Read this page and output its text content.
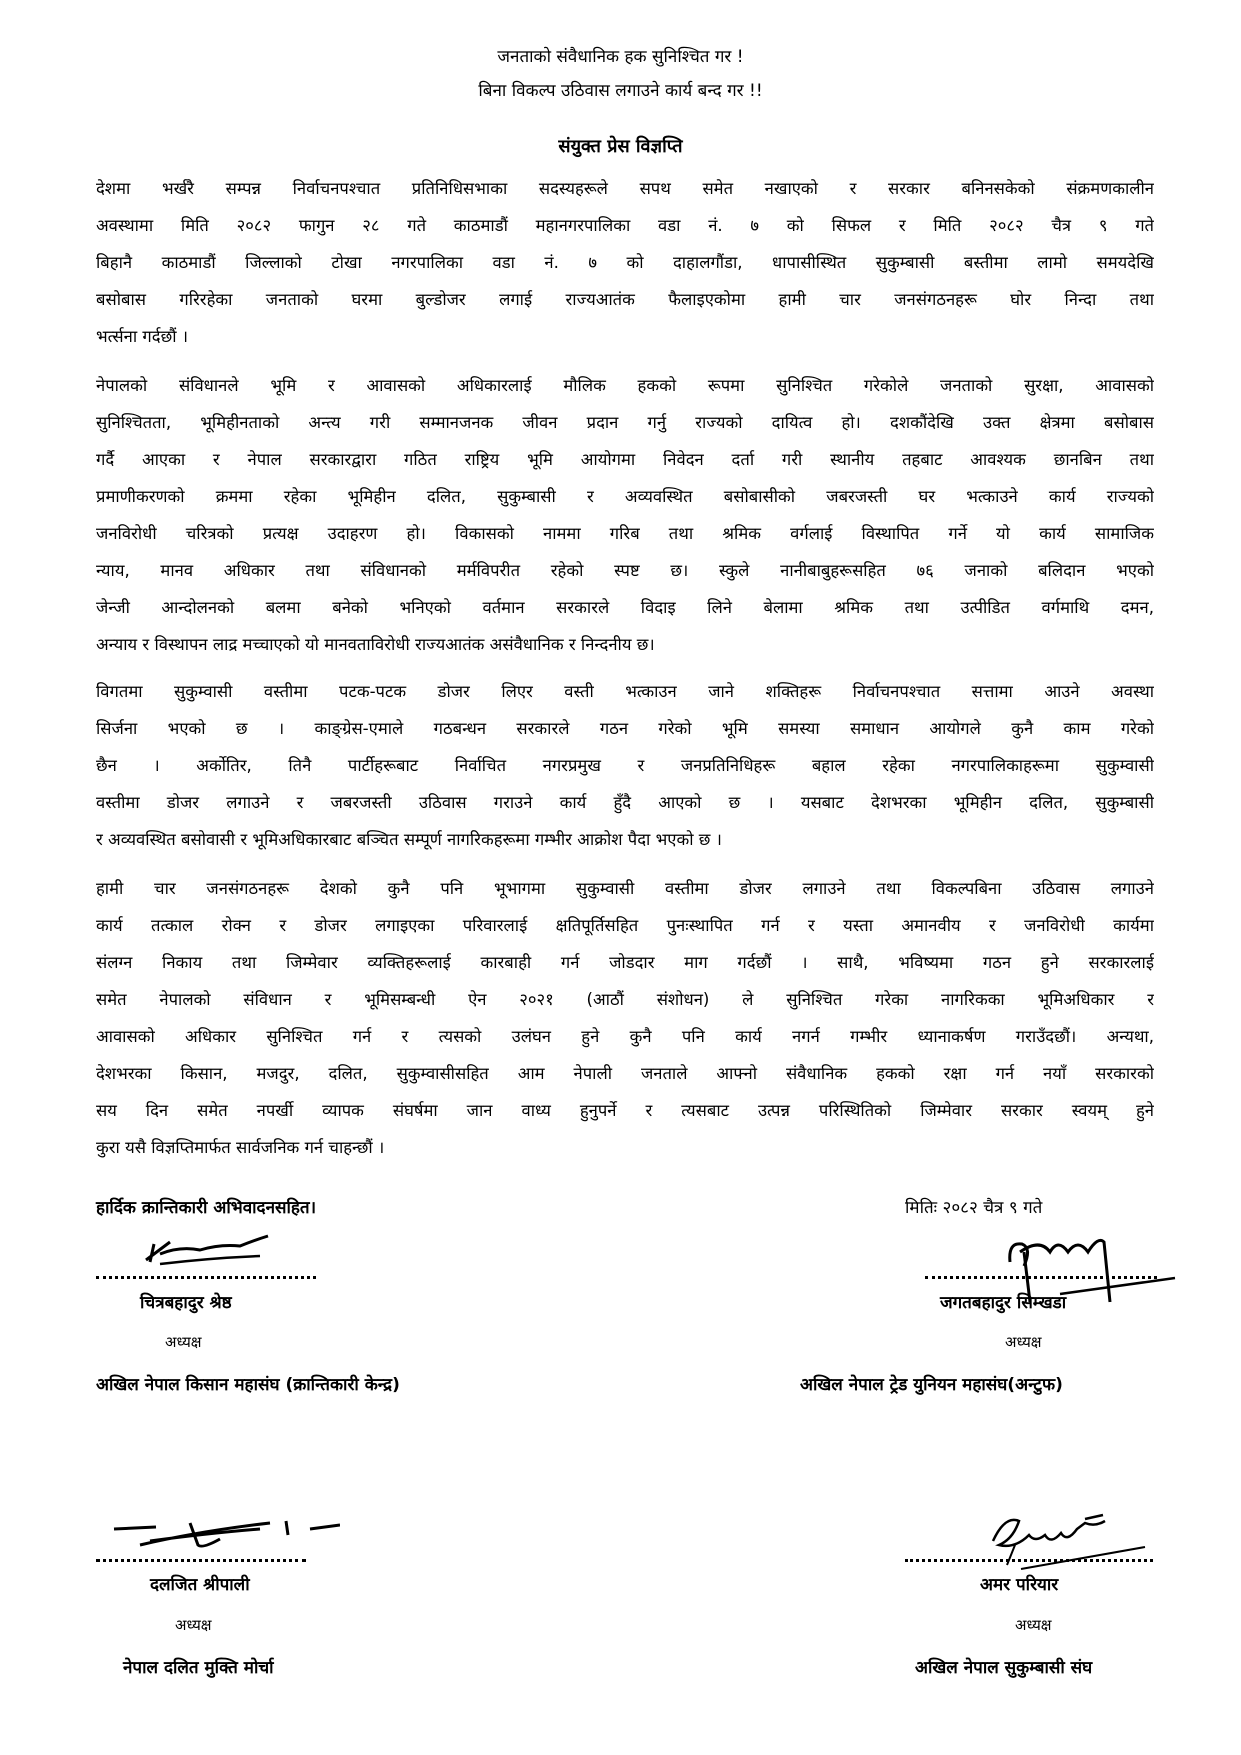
जनताको संवैधानिक हक सुनिश्चित गर !
बिना विकल्प उठिवास लगाउने कार्य बन्द गर !!
संयुक्त प्रेस विज्ञप्ति
देशमा भर्खरै सम्पन्न निर्वाचनपश्चात प्रतिनिधिसभाका सदस्यहरूले सपथ समेत नखाएको र सरकार बनिनसकेको संक्रमणकालीन
अवस्थामा मिति २०८२ फागुन २८ गते काठमाडौं महानगरपालिका वडा नं. ७ को सिफल र मिति २०८२ चैत्र ९ गते
बिहानै काठमाडौं जिल्लाको टोखा नगरपालिका वडा नं. ७ को दाहालगौंडा, धापासीस्थित सुकुम्बासी बस्तीमा लामो समयदेखि
बसोबास गरिरहेका जनताको घरमा बुल्डोजर लगाई राज्यआतंक फैलाइएकोमा हामी चार जनसंगठनहरू घोर निन्दा तथा
भर्त्सना गर्दछौं ।
नेपालको संविधानले भूमि र आवासको अधिकारलाई मौलिक हकको रूपमा सुनिश्चित गरेकोले जनताको सुरक्षा, आवासको
सुनिश्चितता, भूमिहीनताको अन्त्य गरी सम्मानजनक जीवन प्रदान गर्नु राज्यको दायित्व हो। दशकौंदेखि उक्त क्षेत्रमा बसोबास
गर्दै आएका र नेपाल सरकारद्वारा गठित राष्ट्रिय भूमि आयोगमा निवेदन दर्ता गरी स्थानीय तहबाट आवश्यक छानबिन तथा
प्रमाणीकरणको क्रममा रहेका भूमिहीन दलित, सुकुम्बासी र अव्यवस्थित बसोबासीको जबरजस्ती घर भत्काउने कार्य राज्यको
जनविरोधी चरित्रको प्रत्यक्ष उदाहरण हो। विकासको नाममा गरिब तथा श्रमिक वर्गलाई विस्थापित गर्ने यो कार्य सामाजिक
न्याय, मानव अधिकार तथा संविधानको मर्मविपरीत रहेको स्पष्ट छ। स्कुले नानीबाबुहरूसहित ७६ जनाको बलिदान भएको
जेन्जी आन्दोलनको बलमा बनेको भनिएको वर्तमान सरकारले विदाइ लिने बेलामा श्रमिक तथा उत्पीडित वर्गमाथि दमन,
अन्याय र विस्थापन लाद्र मच्चाएको यो मानवताविरोधी राज्यआतंक असंवैधानिक र निन्दनीय छ।
विगतमा सुकुम्वासी वस्तीमा पटक-पटक डोजर लिएर वस्ती भत्काउन जाने शक्तिहरू निर्वाचनपश्चात सत्तामा आउने अवस्था
सिर्जना भएको छ । काङ्ग्रेस-एमाले गठबन्धन सरकारले गठन गरेको भूमि समस्या समाधान आयोगले कुनै काम गरेको
छैन । अर्कोतिर, तिनै पार्टीहरूबाट निर्वाचित नगरप्रमुख र जनप्रतिनिधिहरू बहाल रहेका नगरपालिकाहरूमा सुकुम्वासी
वस्तीमा डोजर लगाउने र जबरजस्ती उठिवास गराउने कार्य हुँदै आएको छ । यसबाट देशभरका भूमिहीन दलित, सुकुम्बासी
र अव्यवस्थित बसोवासी र भूमिअधिकारबाट बञ्चित सम्पूर्ण नागरिकहरूमा गम्भीर आक्रोश पैदा भएको छ ।
हामी चार जनसंगठनहरू देशको कुनै पनि भूभागमा सुकुम्वासी वस्तीमा डोजर लगाउने तथा विकल्पबिना उठिवास लगाउने
कार्य तत्काल रोक्न र डोजर लगाइएका परिवारलाई क्षतिपूर्तिसहित पुनःस्थापित गर्न र यस्ता अमानवीय र जनविरोधी कार्यमा
संलग्न निकाय तथा जिम्मेवार व्यक्तिहरूलाई कारबाही गर्न जोडदार माग गर्दछौं । साथै, भविष्यमा गठन हुने सरकारलाई
समेत नेपालको संविधान र भूमिसम्बन्धी ऐन २०२१ (आठौं संशोधन) ले सुनिश्चित गरेका नागरिकका भूमिअधिकार र
आवासको अधिकार सुनिश्चित गर्न र त्यसको उलंघन हुने कुनै पनि कार्य नगर्न गम्भीर ध्यानाकर्षण गराउँदछौं। अन्यथा,
देशभरका किसान, मजदुर, दलित, सुकुम्वासीसहित आम नेपाली जनताले आफ्नो संवैधानिक हकको रक्षा गर्न नयाँ सरकारको
सय दिन समेत नपर्खी व्यापक संघर्षमा जान वाध्य हुनुपर्ने र त्यसबाट उत्पन्न परिस्थितिको जिम्मेवार सरकार स्वयम् हुने
कुरा यसै विज्ञप्तिमार्फत सार्वजनिक गर्न चाहन्छौं ।
हार्दिक क्रान्तिकारी अभिवादनसहित।	मितिः २०८२ चैत्र ९ गते
चित्रबहादुर श्रेष्ठ
अध्यक्ष
अखिल नेपाल किसान महासंघ (क्रान्तिकारी केन्द्र)
जगतबहादुर सिम्खडा
अध्यक्ष
अखिल नेपाल ट्रेड युनियन महासंघ(अन्टुफ)
दलजित श्रीपाली
अध्यक्ष
नेपाल दलित मुक्ति मोर्चा
अमर परियार
अध्यक्ष
अखिल नेपाल सुकुम्बासी संघ
